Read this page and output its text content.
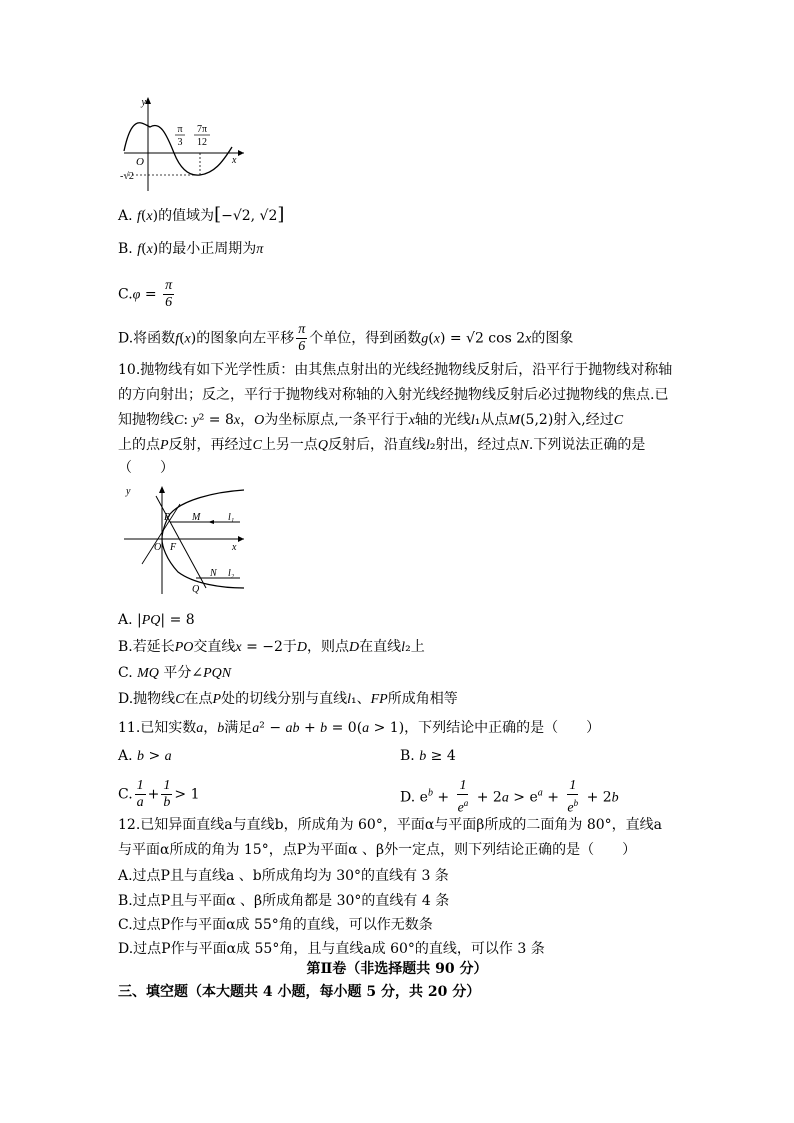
y
x
O
π
3
7π
12
-√2
A. f(x)的值域为[−√2, √2]
B. f(x)的最小正周期为π
$C.\varphi = \frac{\pi}{6}$
D.将函数f(x)的图象向左平移 $\frac{\pi}{6}$ 个单位，得到函数g(x) = √2 cos 2x的图象
10.抛物线有如下光学性质：由其焦点射出的光线经抛物线反射后，沿平行于抛物线对称轴
的方向射出；反之，平行于抛物线对称轴的入射光线经抛物线反射后必过抛物线的焦点.已
知抛物线C: y² = 8x，O为坐标原点,一条平行于x轴的光线l₁从点M(5,2)射入,经过C
上的点P反射，再经过C上另一点Q反射后，沿直线l₂射出，经过点N.下列说法正确的是
（　　）
y
x
P M	l₁
O F
N l₂
Q
A. |PQ| = 8
B.若延长PO交直线x = −2于D，则点D在直线l₂上
C. MQ 平分∠PQN
D.抛物线C在点P处的切线分别与直线l₁、FP所成角相等
11.已知实数a，b满足a² − ab + b = 0(a > 1)，下列结论中正确的是（　　）
A. b > a	B. b ≥ 4
C. $\frac{1}{a} + \frac{1}{b} > 1$	D. $e^b + \frac{1}{e^a} + 2a > e^a + \frac{1}{e^b} + 2b$
12.已知异面直线a与直线b，所成角为 60°，平面α与平面β所成的二面角为 80°，直线a
与平面α所成的角为 15°，点P为平面α 、β外一定点，则下列结论正确的是（　　）
A.过点P且与直线a 、b所成角均为 30°的直线有 3 条
B.过点P且与平面α 、β所成角都是 30°的直线有 4 条
C.过点P作与平面α成 55°角的直线，可以作无数条
D.过点P作与平面α成 55°角，且与直线a成 60°的直线，可以作 3 条
第Ⅱ卷（非选择题共 90 分）
三、填空题（本大题共 4 小题，每小题 5 分，共 20 分）
